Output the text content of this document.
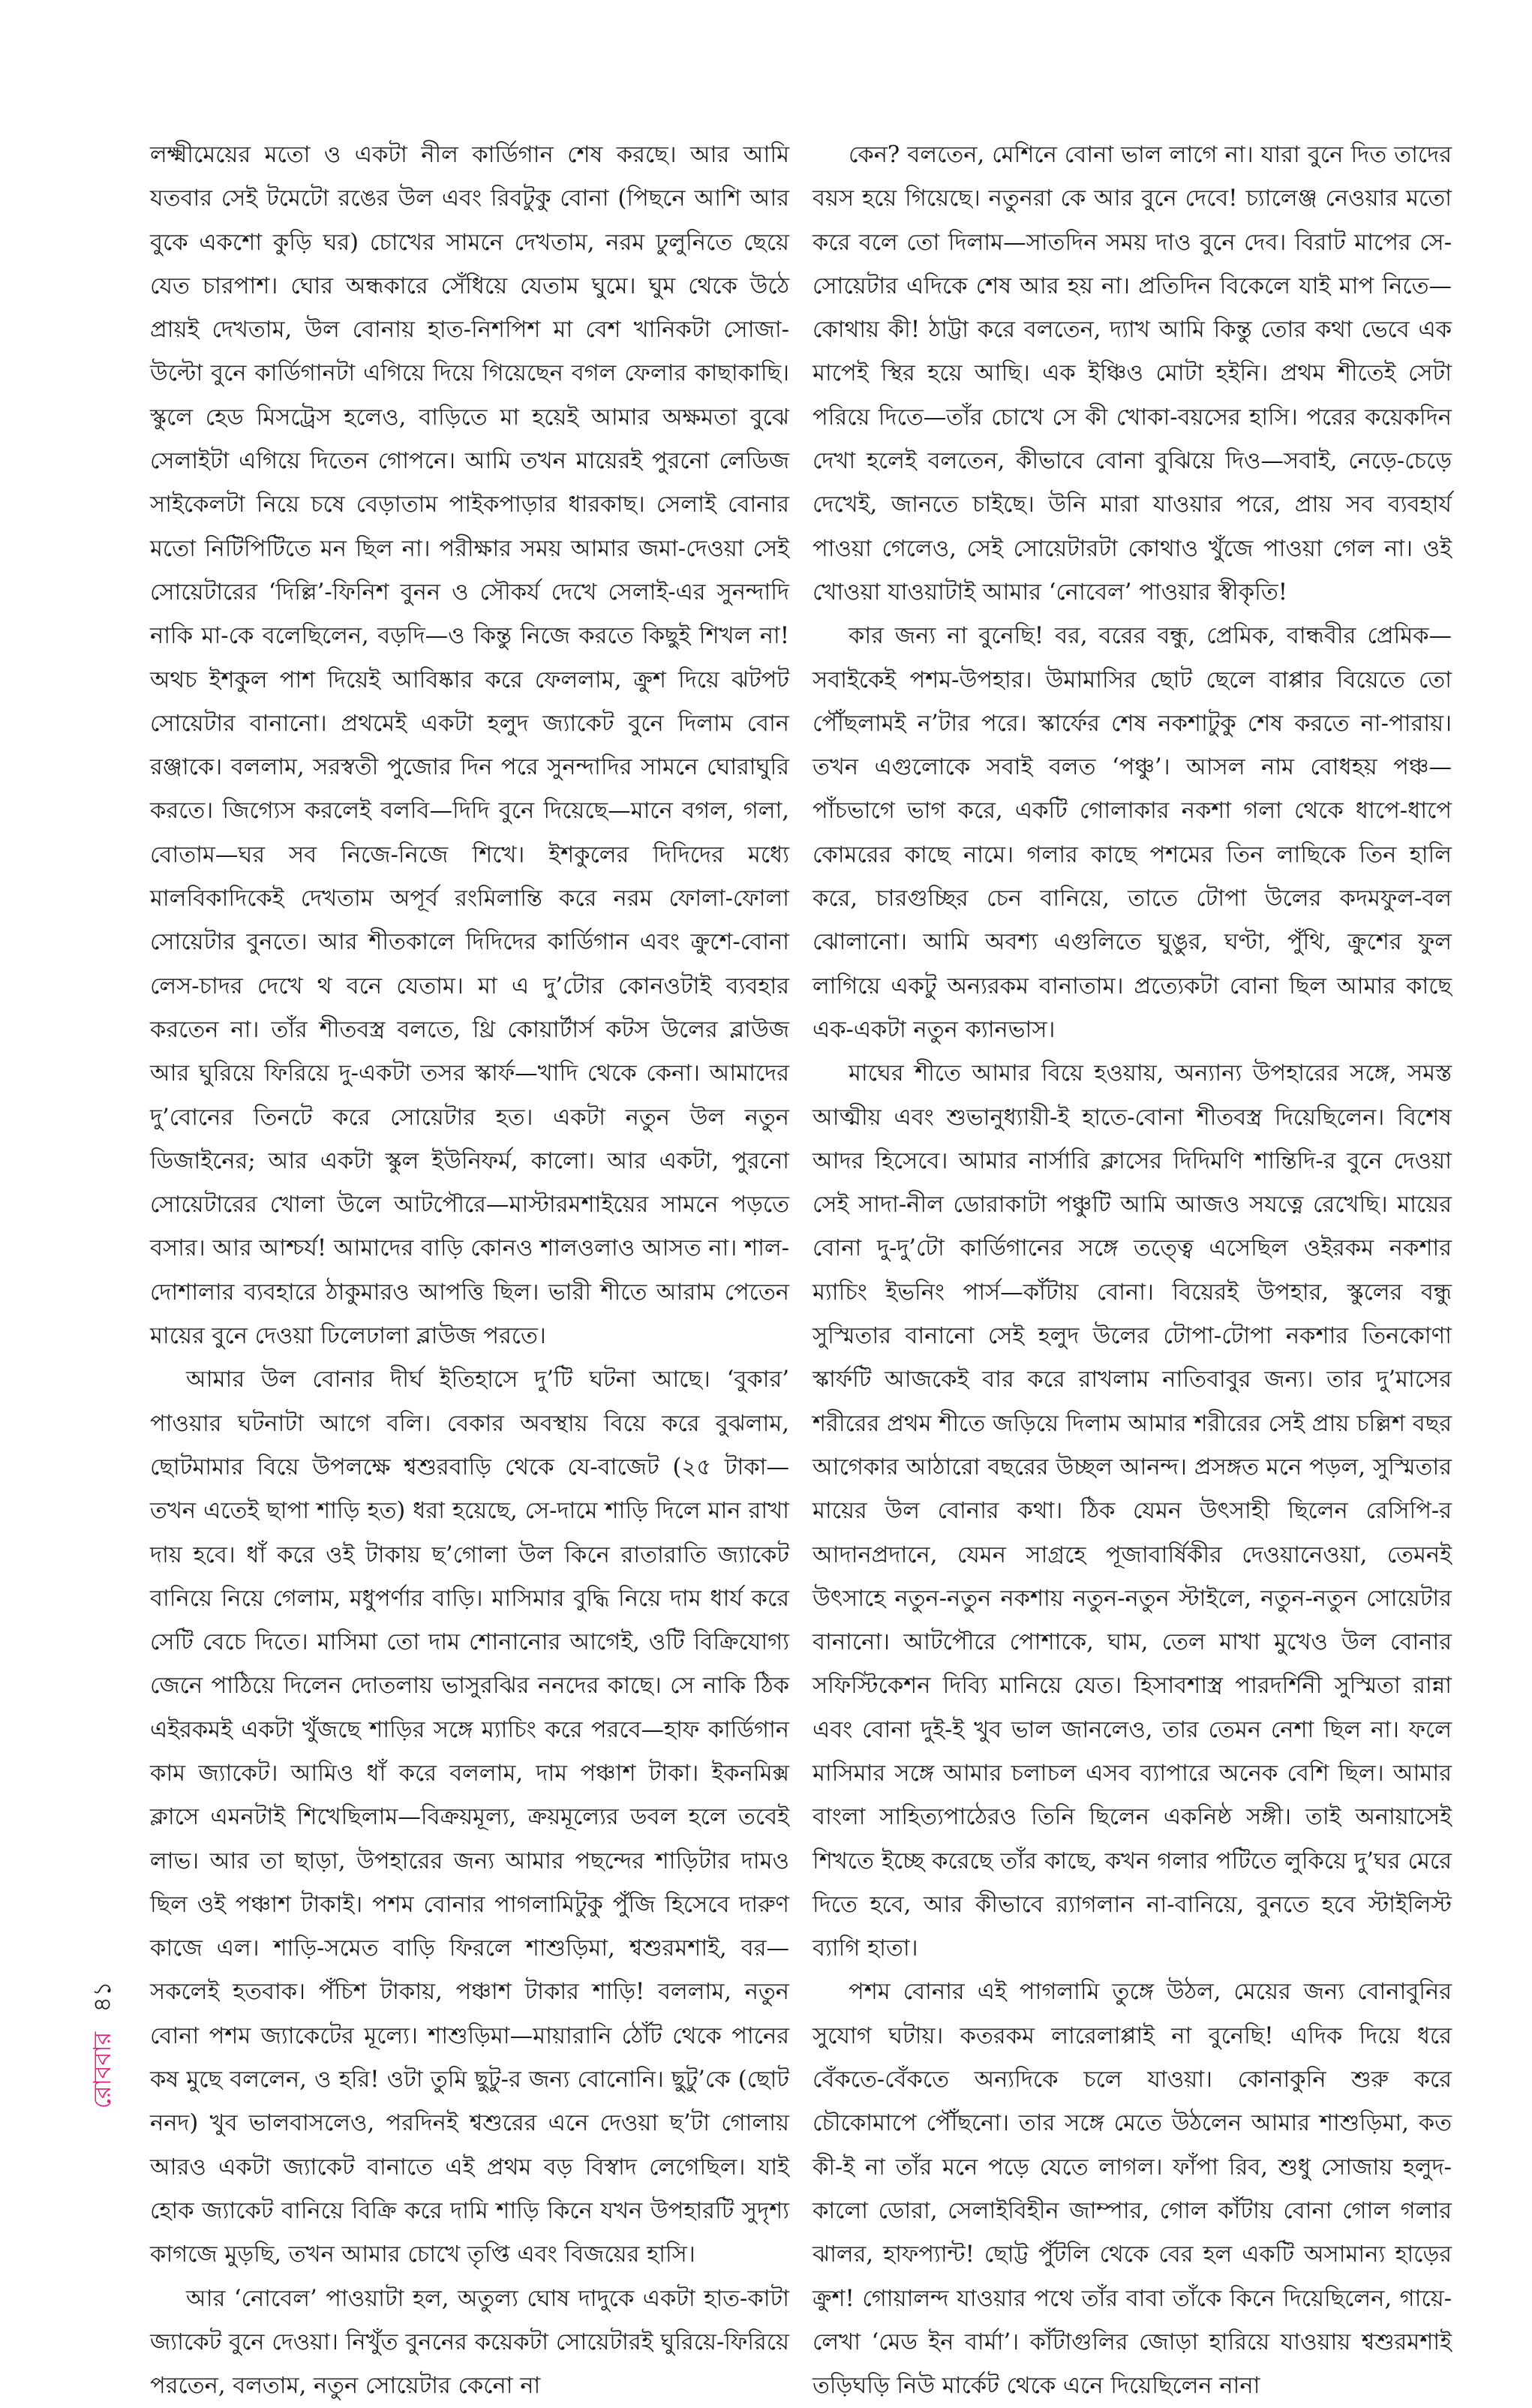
লক্ষ্মীমেয়ের মতো ও একটা নীল কার্ডিগান শেষ করছে। আর আমি যতবার সেই টমেটো রঙের উল এবং রিবটুকু বোনা (পিছনে আশি আর বুকে একশো কুড়ি ঘর) চোখের সামনে দেখতাম, নরম ঢুলুনিতে ছেয়ে যেত চারপাশ। ঘোর অন্ধকারে সেঁধিয়ে যেতাম ঘুমে। ঘুম থেকে উঠে প্রায়ই দেখতাম, উল বোনায় হাত-নিশপিশ মা বেশ খানিকটা সোজা-উল্টো বুনে কার্ডিগানটা এগিয়ে দিয়ে গিয়েছেন বগল ফেলার কাছাকাছি। স্কুলে হেড মিসট্রেস হলেও, বাড়িতে মা হয়েই আমার অক্ষমতা বুঝে সেলাইটা এগিয়ে দিতেন গোপনে। আমি তখন মায়েরই পুরনো লেডিজ সাইকেলটা নিয়ে চষে বেড়াতাম পাইকপাড়ার ধারকাছ। সেলাই বোনার মতো নিটিপিটিতে মন ছিল না। পরীক্ষার সময় আমার জমা-দেওয়া সেই সোয়েটারের ‘দিল্লি’-ফিনিশ বুনন ও সৌকর্য দেখে সেলাই-এর সুনন্দাদি নাকি মা-কে বলেছিলেন, বড়দি—ও কিন্তু নিজে করতে কিছুই শিখল না! অথচ ইশকুল পাশ দিয়েই আবিষ্কার করে ফেললাম, ক্রুশ দিয়ে ঝটপট সোয়েটার বানানো। প্রথমেই একটা হলুদ জ্যাকেট বুনে দিলাম বোন রঞ্জাকে। বললাম, সরস্বতী পুজোর দিন পরে সুনন্দাদির সামনে ঘোরাঘুরি করতে। জিগ্যেস করলেই বলবি—দিদি বুনে দিয়েছে—মানে বগল, গলা, বোতাম—ঘর সব নিজে-নিজে শিখে। ইশকুলের দিদিদের মধ্যে মালবিকাদিকেই দেখতাম অপূর্ব রংমিলান্তি করে নরম ফোলা-ফোলা সোয়েটার বুনতে। আর শীতকালে দিদিদের কার্ডিগান এবং ক্রুশে-বোনা লেস-চাদর দেখে থ বনে যেতাম। মা এ দু’টোর কোনওটাই ব্যবহার করতেন না। তাঁর শীতবস্ত্র বলতে, থ্রি কোয়ার্টার্স কটস উলের ব্লাউজ আর ঘুরিয়ে ফিরিয়ে দু-একটা তসর স্কার্ফ—খাদি থেকে কেনা। আমাদের দু’বোনের তিনটে করে সোয়েটার হত। একটা নতুন উল নতুন ডিজাইনের; আর একটা স্কুল ইউনিফর্ম, কালো। আর একটা, পুরনো সোয়েটারের খোলা উলে আটপৌরে—মাস্টারমশাইয়ের সামনে পড়তে বসার। আর আশ্চর্য! আমাদের বাড়ি কোনও শালওলাও আসত না। শাল-দোশালার ব্যবহারে ঠাকুমারও আপত্তি ছিল। ভারী শীতে আরাম পেতেন মায়ের বুনে দেওয়া ঢিলেঢালা ব্লাউজ পরতে।

আমার উল বোনার দীর্ঘ ইতিহাসে দু’টি ঘটনা আছে। ‘বুকার’ পাওয়ার ঘটনাটা আগে বলি। বেকার অবস্থায় বিয়ে করে বুঝলাম, ছোটমামার বিয়ে উপলক্ষে শ্বশুরবাড়ি থেকে যে-বাজেট (২৫ টাকা—তখন এতেই ছাপা শাড়ি হত) ধরা হয়েছে, সে-দামে শাড়ি দিলে মান রাখা দায় হবে। ধাঁ করে ওই টাকায় ছ’গোলা উল কিনে রাতারাতি জ্যাকেট বানিয়ে নিয়ে গেলাম, মধুপর্ণার বাড়ি। মাসিমার বুদ্ধি নিয়ে দাম ধার্য করে সেটি বেচে দিতে। মাসিমা তো দাম শোনানোর আগেই, ওটি বিক্রিযোগ্য জেনে পাঠিয়ে দিলেন দোতলায় ভাসুরঝির ননদের কাছে। সে নাকি ঠিক এইরকমই একটা খুঁজছে শাড়ির সঙ্গে ম্যাচিং করে পরবে—হাফ কার্ডিগান কাম জ্যাকেট। আমিও ধাঁ করে বললাম, দাম পঞ্চাশ টাকা। ইকনমিক্স ক্লাসে এমনটাই শিখেছিলাম—বিক্রয়মূল্য, ক্রয়মূল্যের ডবল হলে তবেই লাভ। আর তা ছাড়া, উপহারের জন্য আমার পছন্দের শাড়িটার দামও ছিল ওই পঞ্চাশ টাকাই। পশম বোনার পাগলামিটুকু পুঁজি হিসেবে দারুণ কাজে এল। শাড়ি-সমেত বাড়ি ফিরলে শাশুড়িমা, শ্বশুরমশাই, বর—সকলেই হতবাক। পঁচিশ টাকায়, পঞ্চাশ টাকার শাড়ি! বললাম, নতুন বোনা পশম জ্যাকেটের মূল্যে। শাশুড়িমা—মায়ারানি ঠোঁট থেকে পানের কষ মুছে বললেন, ও হরি! ওটা তুমি ছুটু-র জন্য বোনোনি। ছুটু’কে (ছোট ননদ) খুব ভালবাসলেও, পরদিনই শ্বশুরের এনে দেওয়া ছ’টা গোলায় আরও একটা জ্যাকেট বানাতে এই প্রথম বড় বিস্বাদ লেগেছিল। যাই হোক জ্যাকেট বানিয়ে বিক্রি করে দামি শাড়ি কিনে যখন উপহারটি সুদৃশ্য কাগজে মুড়ছি, তখন আমার চোখে তৃপ্তি এবং বিজয়ের হাসি।

আর ‘নোবেল’ পাওয়াটা হল, অতুল্য ঘোষ দাদুকে একটা হাত-কাটা জ্যাকেট বুনে দেওয়া। নিখুঁত বুননের কয়েকটা সোয়েটারই ঘুরিয়ে-ফিরিয়ে পরতেন, বলতাম, নতুন সোয়েটার কেনো না

কেন? বলতেন, মেশিনে বোনা ভাল লাগে না। যারা বুনে দিত তাদের বয়স হয়ে গিয়েছে। নতুনরা কে আর বুনে দেবে! চ্যালেঞ্জ নেওয়ার মতো করে বলে তো দিলাম—সাতদিন সময় দাও বুনে দেব। বিরাট মাপের সে-সোয়েটার এদিকে শেষ আর হয় না। প্রতিদিন বিকেলে যাই মাপ নিতে—কোথায় কী! ঠাট্টা করে বলতেন, দ্যাখ আমি কিন্তু তোর কথা ভেবে এক মাপেই স্থির হয়ে আছি। এক ইঞ্চিও মোটা হইনি। প্রথম শীতেই সেটা পরিয়ে দিতে—তাঁর চোখে সে কী খোকা-বয়সের হাসি। পরের কয়েকদিন দেখা হলেই বলতেন, কীভাবে বোনা বুঝিয়ে দিও—সবাই, নেড়ে-চেড়ে দেখেই, জানতে চাইছে। উনি মারা যাওয়ার পরে, প্রায় সব ব্যবহার্য পাওয়া গেলেও, সেই সোয়েটারটা কোথাও খুঁজে পাওয়া গেল না। ওই খোওয়া যাওয়াটাই আমার ‘নোবেল’ পাওয়ার স্বীকৃতি!

কার জন্য না বুনেছি! বর, বরের বন্ধু, প্রেমিক, বান্ধবীর প্রেমিক—সবাইকেই পশম-উপহার। উমামাসির ছোট ছেলে বাপ্পার বিয়েতে তো পৌঁছলামই ন’টার পরে। স্কার্ফের শেষ নকশাটুকু শেষ করতে না-পারায়। তখন এগুলোকে সবাই বলত ‘পঞ্চু’। আসল নাম বোধহয় পঞ্চ—পাঁচভাগে ভাগ করে, একটি গোলাকার নকশা গলা থেকে ধাপে-ধাপে কোমরের কাছে নামে। গলার কাছে পশমের তিন লাছিকে তিন হালি করে, চারগুচ্ছির চেন বানিয়ে, তাতে টোপা উলের কদমফুল-বল ঝোলানো। আমি অবশ্য এগুলিতে ঘুঙুর, ঘণ্টা, পুঁথি, ক্রুশের ফুল লাগিয়ে একটু অন্যরকম বানাতাম। প্রত্যেকটা বোনা ছিল আমার কাছে এক-একটা নতুন ক্যানভাস।

মাঘের শীতে আমার বিয়ে হওয়ায়, অন্যান্য উপহারের সঙ্গে, সমস্ত আত্মীয় এবং শুভানুধ্যায়ী-ই হাতে-বোনা শীতবস্ত্র দিয়েছিলেন। বিশেষ আদর হিসেবে। আমার নার্সারি ক্লাসের দিদিমণি শান্তিদি-র বুনে দেওয়া সেই সাদা-নীল ডোরাকাটা পঞ্চুটি আমি আজও সযত্নে রেখেছি। মায়ের বোনা দু-দু’টো কার্ডিগানের সঙ্গে তত্ত্বে এসেছিল ওইরকম নকশার ম্যাচিং ইভনিং পার্স—কাঁটায় বোনা। বিয়েরই উপহার, স্কুলের বন্ধু সুস্মিতার বানানো সেই হলুদ উলের টোপা-টোপা নকশার তিনকোণা স্কার্ফটি আজকেই বার করে রাখলাম নাতিবাবুর জন্য। তার দু’মাসের শরীরের প্রথম শীতে জড়িয়ে দিলাম আমার শরীরের সেই প্রায় চল্লিশ বছর আগেকার আঠারো বছরের উচ্ছল আনন্দ। প্রসঙ্গত মনে পড়ল, সুস্মিতার মায়ের উল বোনার কথা। ঠিক যেমন উৎসাহী ছিলেন রেসিপি-র আদানপ্রদানে, যেমন সাগ্রহে পূজাবার্ষিকীর দেওয়ানেওয়া, তেমনই উৎসাহে নতুন-নতুন নকশায় নতুন-নতুন স্টাইলে, নতুন-নতুন সোয়েটার বানানো। আটপৌরে পোশাকে, ঘাম, তেল মাখা মুখেও উল বোনার সফিস্টিকেশন দিব্যি মানিয়ে যেত। হিসাবশাস্ত্র পারদর্শিনী সুস্মিতা রান্না এবং বোনা দুই-ই খুব ভাল জানলেও, তার তেমন নেশা ছিল না। ফলে মাসিমার সঙ্গে আমার চলাচল এসব ব্যাপারে অনেক বেশি ছিল। আমার বাংলা সাহিত্যপাঠেরও তিনি ছিলেন একনিষ্ঠ সঙ্গী। তাই অনায়াসেই শিখতে ইচ্ছে করেছে তাঁর কাছে, কখন গলার পটিতে লুকিয়ে দু’ঘর মেরে দিতে হবে, আর কীভাবে র‍্যাগলান না-বানিয়ে, বুনতে হবে স্টাইলিস্ট ব্যাগি হাতা।

পশম বোনার এই পাগলামি তুঙ্গে উঠল, মেয়ের জন্য বোনাবুনির সুযোগ ঘটায়। কতরকম লারেলাপ্পাই না বুনেছি! এদিক দিয়ে ধরে বেঁকতে-বেঁকতে অন্যদিকে চলে যাওয়া। কোনাকুনি শুরু করে চৌকোমাপে পৌঁছনো। তার সঙ্গে মেতে উঠলেন আমার শাশুড়িমা, কত কী-ই না তাঁর মনে পড়ে যেতে লাগল। ফাঁপা রিব, শুধু সোজায় হলুদ-কালো ডোরা, সেলাইবিহীন জাম্পার, গোল কাঁটায় বোনা গোল গলার ঝালর, হাফপ্যান্ট! ছোট্ট পুঁটলি থেকে বের হল একটি অসামান্য হাড়ের ক্রুশ! গোয়ালন্দ যাওয়ার পথে তাঁর বাবা তাঁকে কিনে দিয়েছিলেন, গায়ে-লেখা ‘মেড ইন বার্মা’। কাঁটাগুলির জোড়া হারিয়ে যাওয়ায় শ্বশুরমশাই তড়িঘড়ি নিউ মার্কেট থেকে এনে দিয়েছিলেন নানা

রোববার
৪১
